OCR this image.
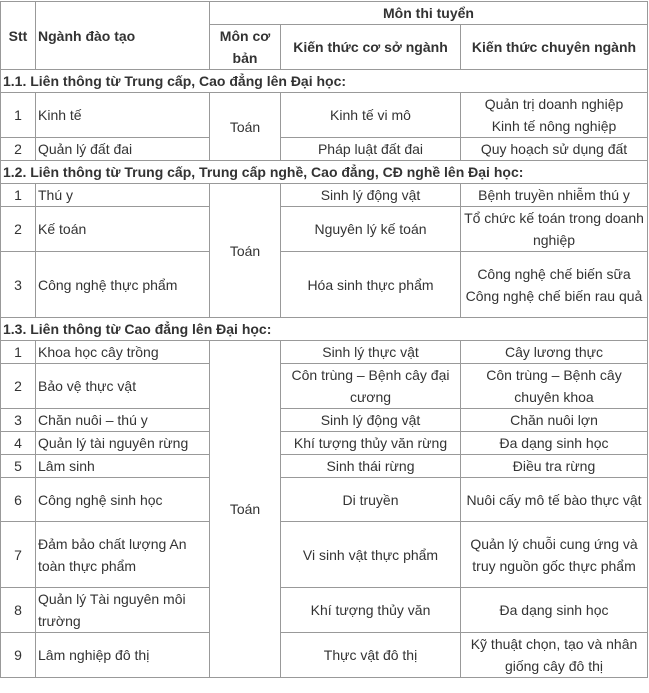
Stt	Ngành đào tạo	Môn thi tuyển		
		Môn cơ bản	Kiến thức cơ sở ngành	Kiến thức chuyên ngành
1.1. Liên thông từ Trung cấp, Cao đẳng lên Đại học:				
1	Kinh tế	Toán	Kinh tế vi mô	Quản trị doanh nghiệp
Kinh tế nông nghiệp
2	Quản lý đất đai		Pháp luật đất đai	Quy hoạch sử dụng đất
1.2. Liên thông từ Trung cấp, Trung cấp nghề, Cao đẳng, CĐ nghề lên Đại học:				
1	Thú y	Toán	Sinh lý động vật	Bệnh truyền nhiễm thú y
2	Kế toán		Nguyên lý kế toán	Tổ chức kế toán trong doanh nghiệp
3	Công nghệ thực phẩm		Hóa sinh thực phẩm	Công nghệ chế biến sữa
Công nghệ chế biến rau quả
1.3. Liên thông từ Cao đẳng lên Đại học:				
1	Khoa học cây trồng	Toán	Sinh lý thực vật	Cây lương thực
2	Bảo vệ thực vật		Côn trùng – Bệnh cây đại cương	Côn trùng – Bệnh cây chuyên khoa
3	Chăn nuôi – thú y		Sinh lý động vật	Chăn nuôi lợn
4	Quản lý tài nguyên rừng		Khí tượng thủy văn rừng	Đa dạng sinh học
5	Lâm sinh		Sinh thái rừng	Điều tra rừng
6	Công nghệ sinh học		Di truyền	Nuôi cấy mô tế bào thực vật
7	Đảm bảo chất lượng An toàn thực phẩm		Vi sinh vật thực phẩm	Quản lý chuỗi cung ứng và truy nguồn gốc thực phẩm
8	Quản lý Tài nguyên môi trường		Khí tượng thủy văn	Đa dạng sinh học
9	Lâm nghiệp đô thị		Thực vật đô thị	Kỹ thuật chọn, tạo và nhân giống cây đô thị
